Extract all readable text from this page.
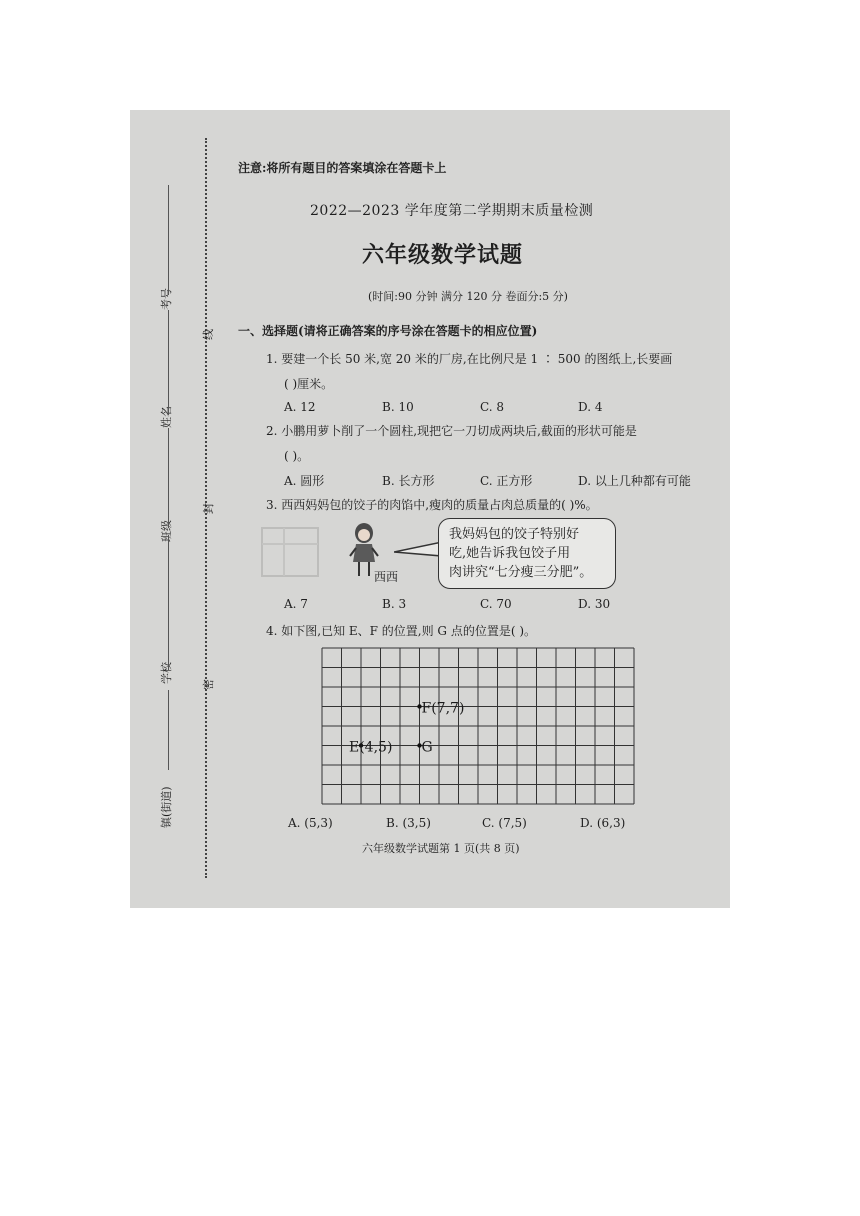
考号
姓名
班级
学校
镇(街道)
线
封
密
注意:将所有题目的答案填涂在答题卡上
2022—2023 学年度第二学期期末质量检测
六年级数学试题
(时间:90 分钟 满分 120 分 卷面分:5 分)
一、选择题(请将正确答案的序号涂在答题卡的相应位置)
1. 要建一个长 50 米,宽 20 米的厂房,在比例尺是 1 ∶ 500 的图纸上,长要画
( )厘米。
A. 12	B. 10	C. 8	D. 4
2. 小鹏用萝卜削了一个圆柱,现把它一刀切成两块后,截面的形状可能是
( )。
A. 圆形	B. 长方形	C. 正方形	D. 以上几种都有可能
3. 西西妈妈包的饺子的肉馅中,瘦肉的质量占肉总质量的( )%。
西西
我妈妈包的饺子特别好
吃,她告诉我包饺子用
肉讲究“七分瘦三分肥”。
A. 7	B. 3	C. 70	D. 30
4. 如下图,已知 E、F 的位置,则 G 点的位置是( )。
F(7,7)
E(4,5) G
A. (5,3)	B. (3,5)	C. (7,5)	D. (6,3)
六年级数学试题第 1 页(共 8 页)
